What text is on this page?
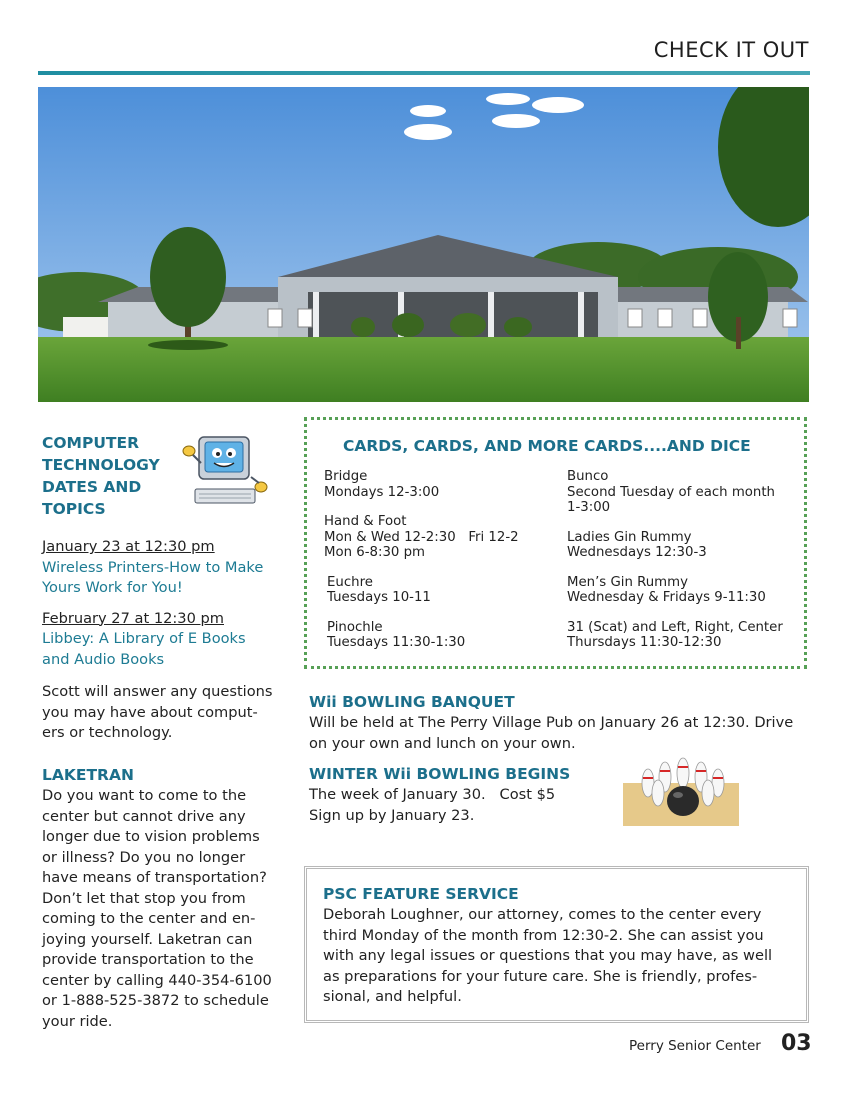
CHECK IT OUT
COMPUTER
TECHNOLOGY
DATES AND
TOPICS
January 23 at 12:30 pm
Wireless Printers-How to Make
Yours Work for You!
February 27 at 12:30 pm
Libbey: A Library of E Books
and Audio Books
Scott will answer any questions
you may have about comput-
ers or technology.
LAKETRAN
Do you want to come to the
center but cannot drive any
longer due to vision problems
or illness? Do you no longer
have means of transportation?
Don’t let that stop you from
coming to the center and en-
joying yourself. Laketran can
provide transportation to the
center by calling 440-354-6100
or 1-888-525-3872 to schedule
your ride.
CARDS, CARDS, AND MORE CARDS....AND DICE
Bridge
Mondays 12-3:00
Hand & Foot
Mon & Wed 12-2:30   Fri 12-2
Mon 6-8:30 pm
Euchre
Tuesdays 10-11
Pinochle
Tuesdays 11:30-1:30
Bunco
Second Tuesday of each month
1-3:00
Ladies Gin Rummy
Wednesdays 12:30-3
Men’s Gin Rummy
Wednesday & Fridays 9-11:30
31 (Scat) and Left, Right, Center
Thursdays 11:30-12:30
Wii BOWLING BANQUET
Will be held at The Perry Village Pub on January 26 at 12:30. Drive
on your own and lunch on your own.
WINTER Wii BOWLING BEGINS
The week of January 30.   Cost $5
Sign up by January 23.
PSC FEATURE SERVICE
Deborah Loughner, our attorney, comes to the center every
third Monday of the month from 12:30-2. She can assist you
with any legal issues or questions that you may have, as well
as preparations for your future care. She is friendly, profes-
sional, and helpful.
Perry Senior Center 03
